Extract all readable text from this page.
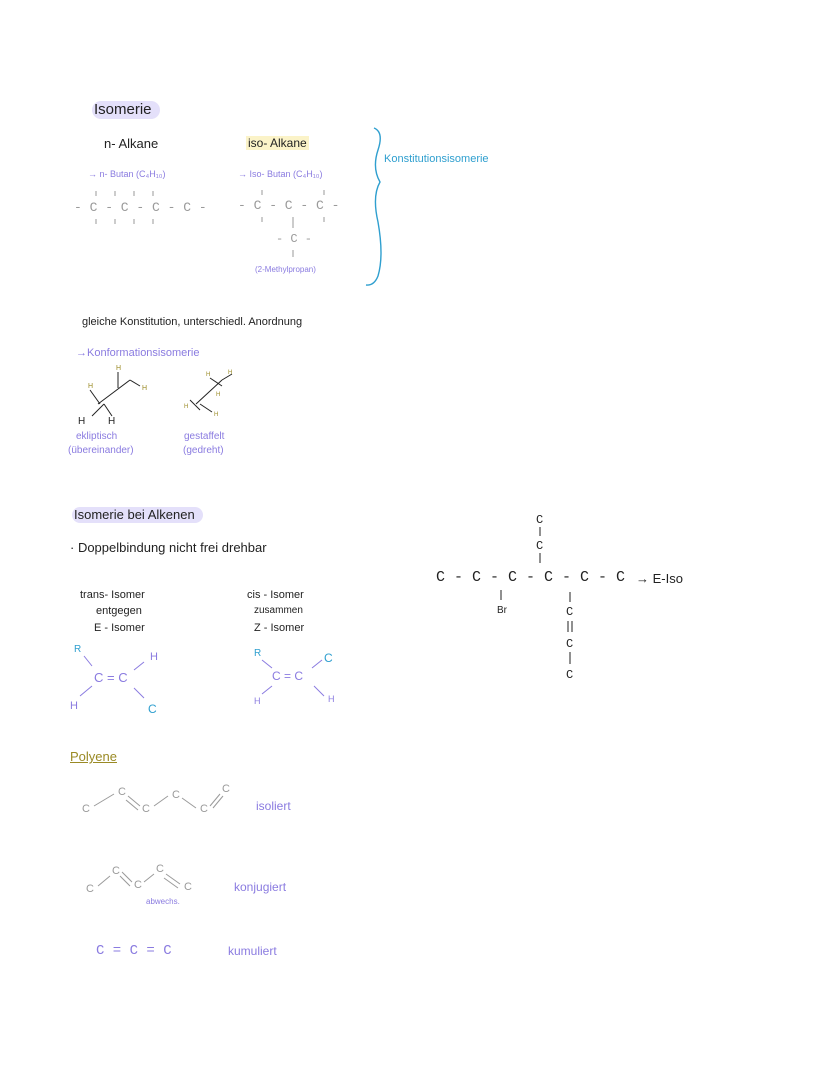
Isomerie
n- Alkane	iso- Alkane
→ n- Butan (C₄H₁₀)	→ Iso- Butan (C₄H₁₀)
- C - C - C - C - - C - C - C -
- C -
(2-Methylpropan)
Konstitutionsisomerie
gleiche Konstitution, unterschiedl. Anordnung
→Konformationsisomerie
ekliptisch
(übereinander)
gestaffelt
(gedreht)
Isomerie bei Alkenen
· Doppelbindung nicht frei drehbar
trans- Isomer
entgegen
E - Isomer
cis - Isomer
zusammen
Z - Isomer
C - C - C - C - C - C
Br
→ E-Iso
Polyene
isoliert
konjugiert
abwechs.
C = C = C	kumuliert
H
H	H
H H
H	H
H
H
H
R
H
C = C
H	C
R	C
C = C
H	H
C
C
C
C
C
C
C
C
C
C
C
C
C
C
C
C
